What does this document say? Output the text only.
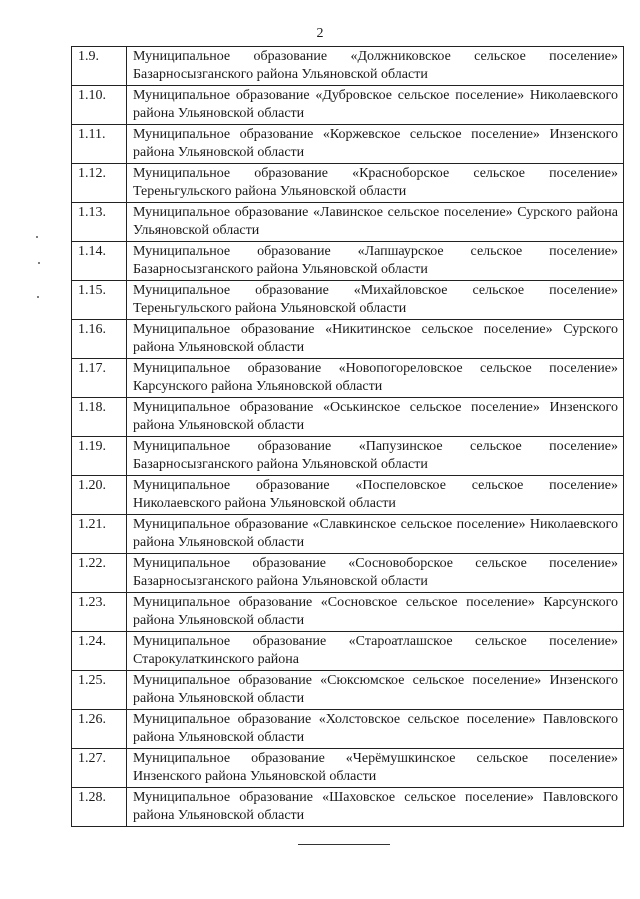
2
1.9.	Муниципальное образование «Должниковское сельское поселение» Базарносызганского района Ульяновской области
1.10.	Муниципальное образование «Дубровское сельское поселение» Николаевского района Ульяновской области
1.11.	Муниципальное образование «Коржевское сельское поселение» Инзенского района Ульяновской области
1.12.	Муниципальное образование «Красноборское сельское поселение» Тереньгульского района Ульяновской области
1.13.	Муниципальное образование «Лавинское сельское поселение» Сурского района Ульяновской области
1.14.	Муниципальное образование «Лапшаурское сельское поселение» Базарносызганского района Ульяновской области
1.15.	Муниципальное образование «Михайловское сельское поселение» Тереньгульского района Ульяновской области
1.16.	Муниципальное образование «Никитинское сельское поселение» Сурского района Ульяновской области
1.17.	Муниципальное образование «Новопогореловское сельское поселение» Карсунского района Ульяновской области
1.18.	Муниципальное образование «Оськинское сельское поселение» Инзенского района Ульяновской области
1.19.	Муниципальное образование «Папузинское сельское поселение» Базарносызганского района Ульяновской области
1.20.	Муниципальное образование «Поспеловское сельское поселение» Николаевского района Ульяновской области
1.21.	Муниципальное образование «Славкинское сельское поселение» Николаевского района Ульяновской области
1.22.	Муниципальное образование «Сосновоборское сельское поселение» Базарносызганского района Ульяновской области
1.23.	Муниципальное образование «Сосновское сельское поселение» Карсунского района Ульяновской области
1.24.	Муниципальное образование «Староатлашское сельское поселение» Старокулаткинского района
1.25.	Муниципальное образование «Сюксюмское сельское поселение» Инзенского района Ульяновской области
1.26.	Муниципальное образование «Холстовское сельское поселение» Павловского района Ульяновской области
1.27.	Муниципальное образование «Черёмушкинское сельское поселение» Инзенского района Ульяновской области
1.28.	Муниципальное образование «Шаховское сельское поселение» Павловского района Ульяновской области
